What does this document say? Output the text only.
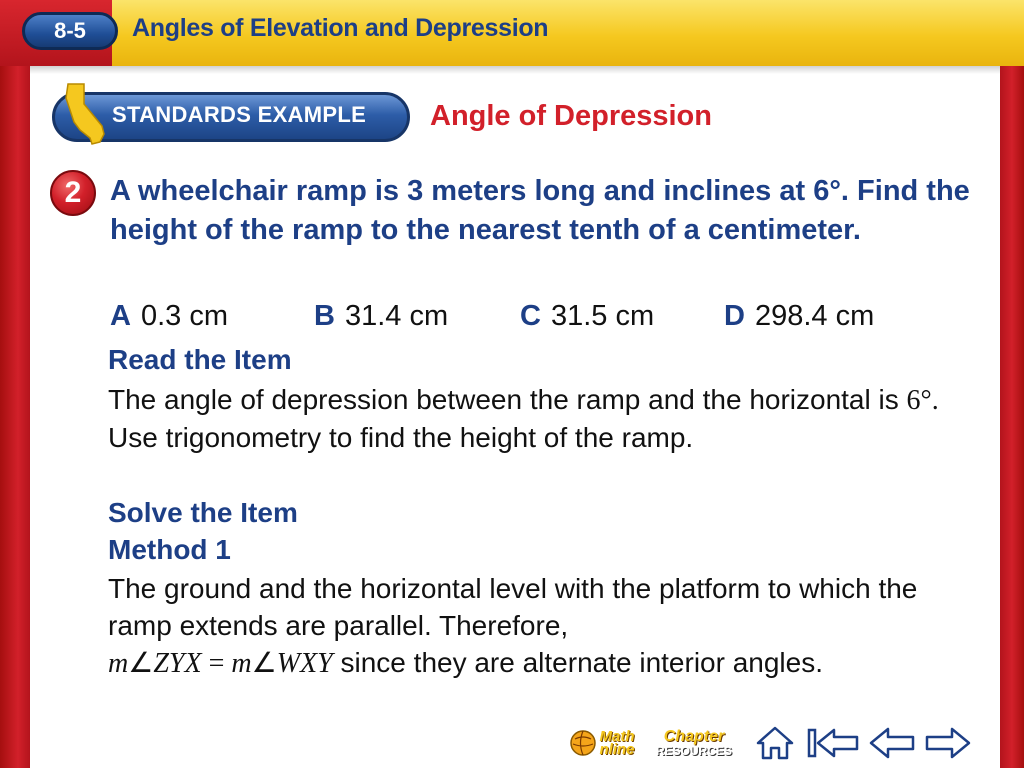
8-5 Angles of Elevation and Depression
STANDARDS EXAMPLE Angle of Depression
2 A wheelchair ramp is 3 meters long and inclines at 6°. Find the height of the ramp to the nearest tenth of a centimeter.
A 0.3 cm	B 31.4 cm C 31.5 cm D 298.4 cm
Read the Item
The angle of depression between the ramp and the horizontal is 6°. Use trigonometry to find the height of the ramp.
Solve the Item
Method 1
The ground and the horizontal level with the platform to which the ramp extends are parallel. Therefore,
m∠ZYX = m∠WXY since they are alternate interior angles.
Math
nline
Chapter
RESOURCES
